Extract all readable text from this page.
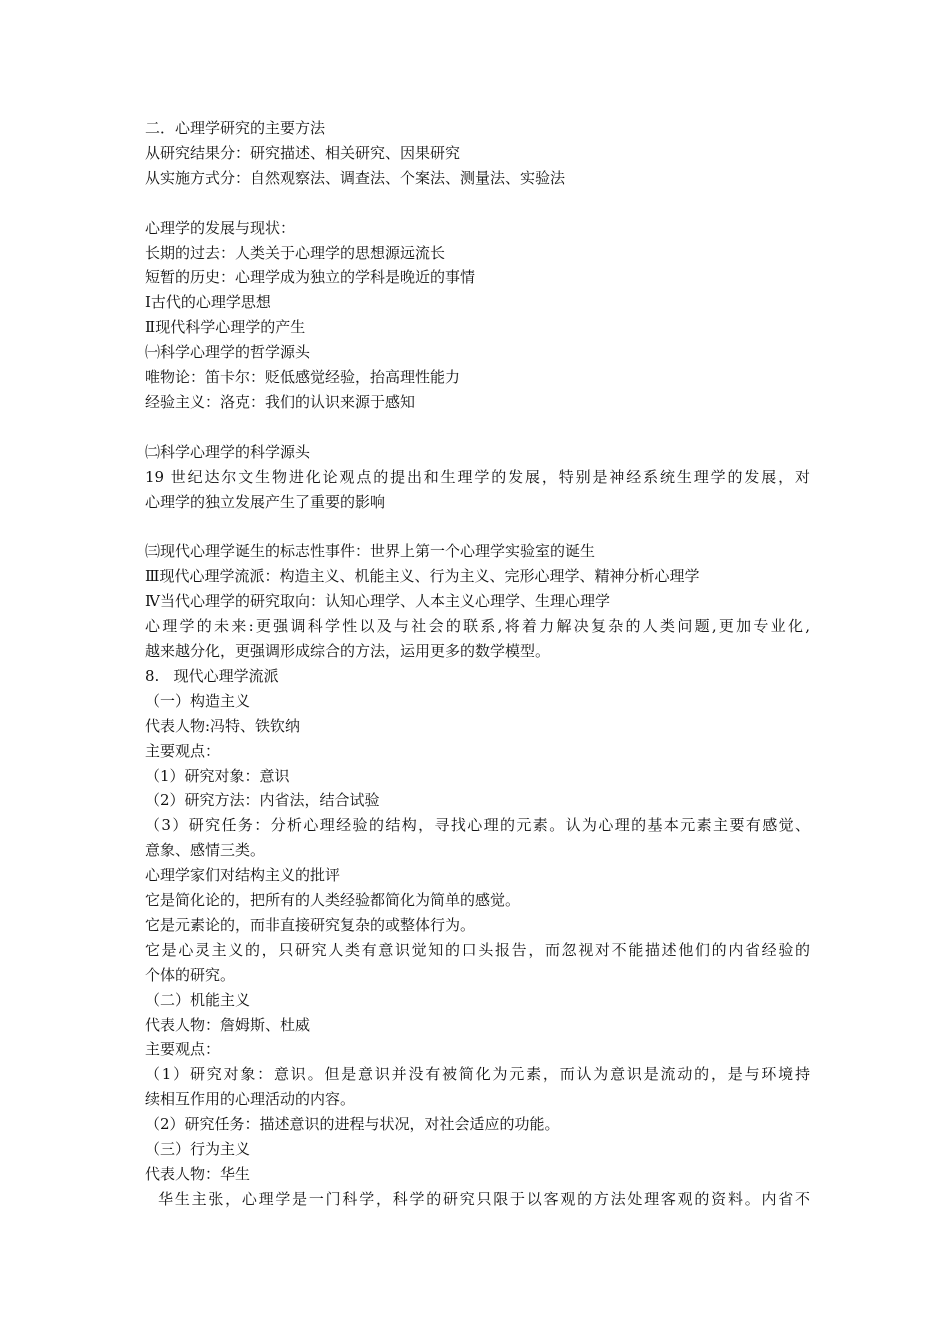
二．心理学研究的主要方法
从研究结果分：研究描述、相关研究、因果研究
从实施方式分：自然观察法、调查法、个案法、测量法、实验法
心理学的发展与现状：
长期的过去：人类关于心理学的思想源远流长
短暂的历史：心理学成为独立的学科是晚近的事情
Ⅰ古代的心理学思想
Ⅱ现代科学心理学的产生
㈠科学心理学的哲学源头
唯物论：笛卡尔：贬低感觉经验，抬高理性能力
经验主义：洛克：我们的认识来源于感知
㈡科学心理学的科学源头
19 世纪达尔文生物进化论观点的提出和生理学的发展，特别是神经系统生理学的发展，对
心理学的独立发展产生了重要的影响
㈢现代心理学诞生的标志性事件：世界上第一个心理学实验室的诞生
Ⅲ现代心理学流派：构造主义、机能主义、行为主义、完形心理学、精神分析心理学
Ⅳ当代心理学的研究取向：认知心理学、人本主义心理学、生理心理学
心理学的未来:更强调科学性以及与社会的联系,将着力解决复杂的人类问题,更加专业化,
越来越分化，更强调形成综合的方法，运用更多的数学模型。
8.   现代心理学流派
（一）构造主义
代表人物:冯特、铁钦纳
主要观点：
（1）研究对象：意识
（2）研究方法：内省法，结合试验
（3）研究任务：分析心理经验的结构，寻找心理的元素。认为心理的基本元素主要有感觉、
意象、感情三类。
心理学家们对结构主义的批评
它是简化论的，把所有的人类经验都简化为简单的感觉。
它是元素论的，而非直接研究复杂的或整体行为。
它是心灵主义的，只研究人类有意识觉知的口头报告，而忽视对不能描述他们的内省经验的
个体的研究。
（二）机能主义
代表人物：詹姆斯、杜威
主要观点：
（1）研究对象：意识。但是意识并没有被简化为元素，而认为意识是流动的，是与环境持
续相互作用的心理活动的内容。
（2）研究任务：描述意识的进程与状况，对社会适应的功能。
（三）行为主义
代表人物：华生
华生主张，心理学是一门科学，科学的研究只限于以客观的方法处理客观的资料。内省不
